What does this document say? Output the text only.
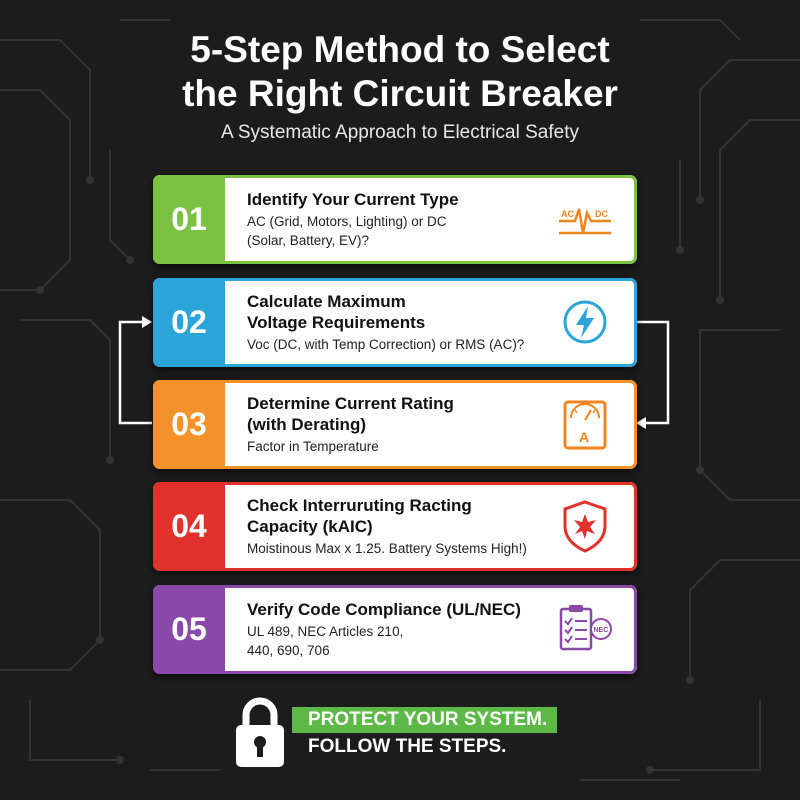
5-Step Method to Select
the Right Circuit Breaker
A Systematic Approach to Electrical Safety
01
Identify Your Current Type
AC (Grid, Motors, Lighting) or DC
(Solar, Battery, EV)?
AC DC
02
Calculate Maximum
Voltage Requirements
Voc (DC, with Temp Correction) or RMS (AC)?
03
Determine Current Rating
(with Derating)
Factor in Temperature
A
04
Check Interruruting Racting
Capacity (kAIC)
Moistinous Max x 1.25. Battery Systems High!)
05
Verify Code Compliance (UL/NEC)
UL 489, NEC Articles 210,
440, 690, 706
NEC
PROTECT YOUR SYSTEM.
FOLLOW THE STEPS.
